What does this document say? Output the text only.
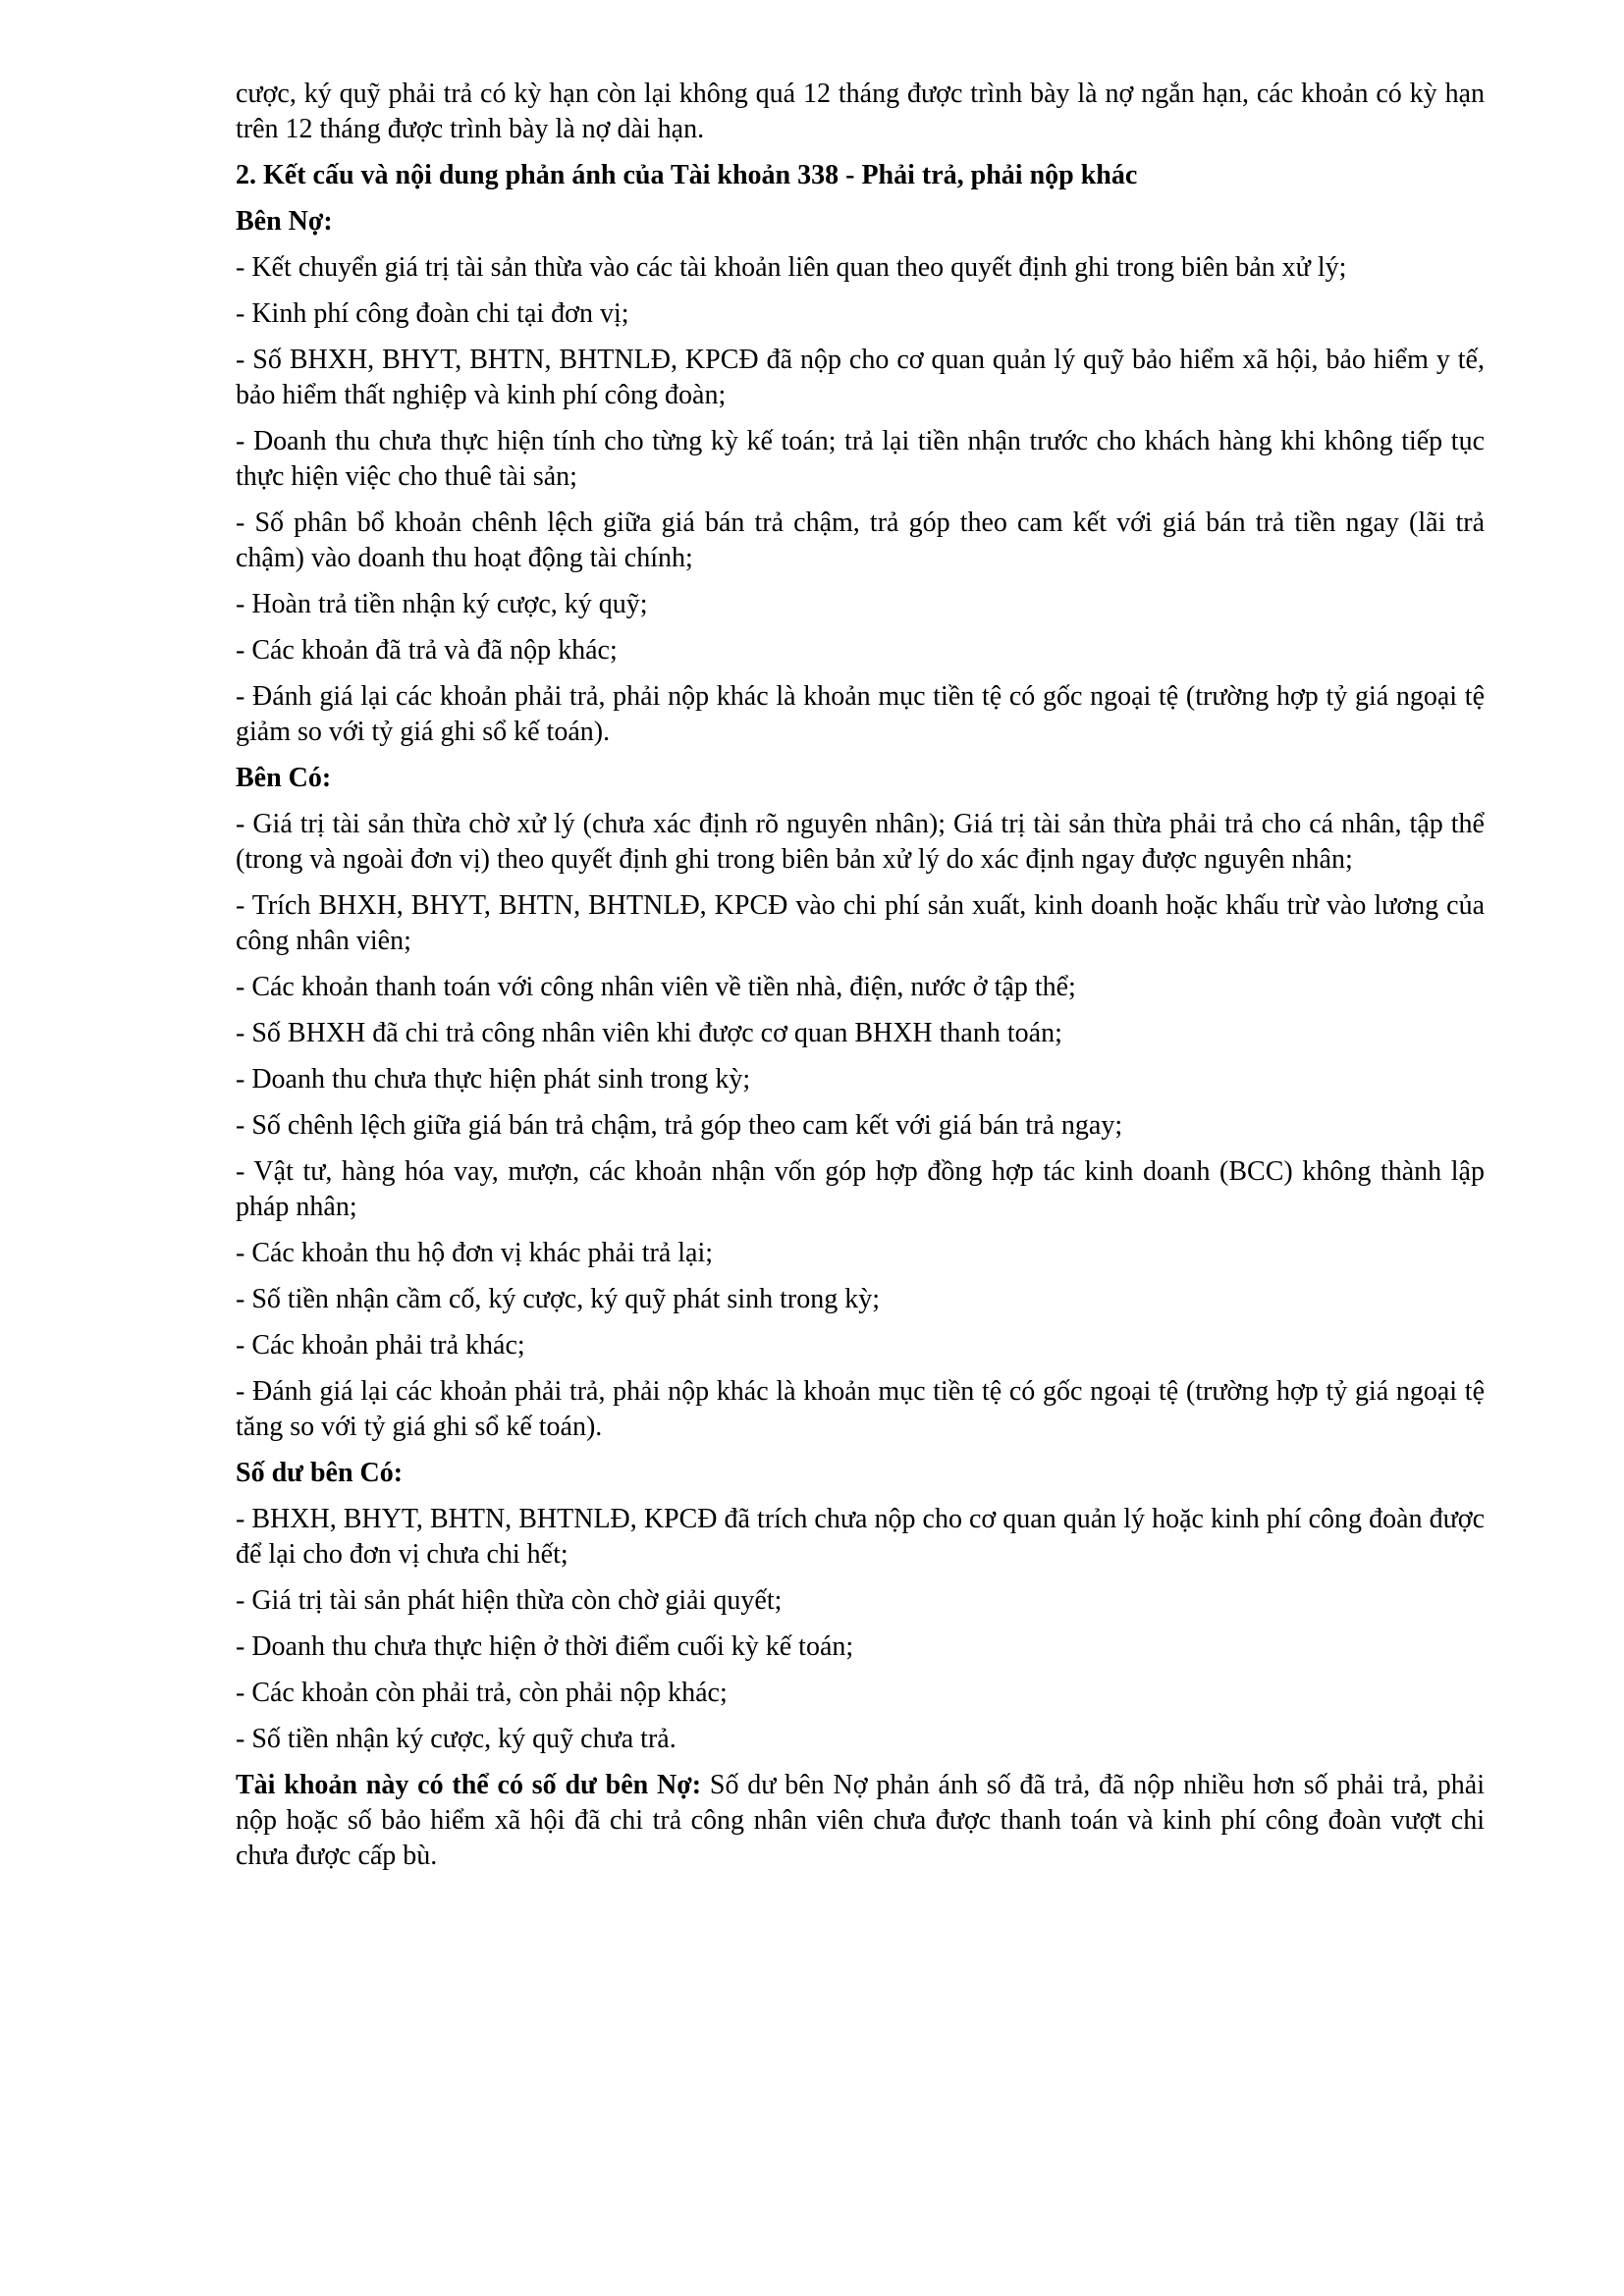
cược, ký quỹ phải trả có kỳ hạn còn lại không quá 12 tháng được trình bày là nợ ngắn hạn, các khoản có kỳ hạn trên 12 tháng được trình bày là nợ dài hạn.

2. Kết cấu và nội dung phản ánh của Tài khoản 338 - Phải trả, phải nộp khác

Bên Nợ:

- Kết chuyển giá trị tài sản thừa vào các tài khoản liên quan theo quyết định ghi trong biên bản xử lý;

- Kinh phí công đoàn chi tại đơn vị;

- Số BHXH, BHYT, BHTN, BHTNLĐ, KPCĐ đã nộp cho cơ quan quản lý quỹ bảo hiểm xã hội, bảo hiểm y tế, bảo hiểm thất nghiệp và kinh phí công đoàn;

- Doanh thu chưa thực hiện tính cho từng kỳ kế toán; trả lại tiền nhận trước cho khách hàng khi không tiếp tục thực hiện việc cho thuê tài sản;

- Số phân bổ khoản chênh lệch giữa giá bán trả chậm, trả góp theo cam kết với giá bán trả tiền ngay (lãi trả chậm) vào doanh thu hoạt động tài chính;

- Hoàn trả tiền nhận ký cược, ký quỹ;

- Các khoản đã trả và đã nộp khác;

- Đánh giá lại các khoản phải trả, phải nộp khác là khoản mục tiền tệ có gốc ngoại tệ (trường hợp tỷ giá ngoại tệ giảm so với tỷ giá ghi sổ kế toán).

Bên Có:

- Giá trị tài sản thừa chờ xử lý (chưa xác định rõ nguyên nhân); Giá trị tài sản thừa phải trả cho cá nhân, tập thể (trong và ngoài đơn vị) theo quyết định ghi trong biên bản xử lý do xác định ngay được nguyên nhân;

- Trích BHXH, BHYT, BHTN, BHTNLĐ, KPCĐ vào chi phí sản xuất, kinh doanh hoặc khấu trừ vào lương của công nhân viên;

- Các khoản thanh toán với công nhân viên về tiền nhà, điện, nước ở tập thể;

- Số BHXH đã chi trả công nhân viên khi được cơ quan BHXH thanh toán;

- Doanh thu chưa thực hiện phát sinh trong kỳ;

- Số chênh lệch giữa giá bán trả chậm, trả góp theo cam kết với giá bán trả ngay;

- Vật tư, hàng hóa vay, mượn, các khoản nhận vốn góp hợp đồng hợp tác kinh doanh (BCC) không thành lập pháp nhân;

- Các khoản thu hộ đơn vị khác phải trả lại;

- Số tiền nhận cầm cố, ký cược, ký quỹ phát sinh trong kỳ;

- Các khoản phải trả khác;

- Đánh giá lại các khoản phải trả, phải nộp khác là khoản mục tiền tệ có gốc ngoại tệ (trường hợp tỷ giá ngoại tệ tăng so với tỷ giá ghi sổ kế toán).

Số dư bên Có:

- BHXH, BHYT, BHTN, BHTNLĐ, KPCĐ đã trích chưa nộp cho cơ quan quản lý hoặc kinh phí công đoàn được để lại cho đơn vị chưa chi hết;

- Giá trị tài sản phát hiện thừa còn chờ giải quyết;

- Doanh thu chưa thực hiện ở thời điểm cuối kỳ kế toán;

- Các khoản còn phải trả, còn phải nộp khác;

- Số tiền nhận ký cược, ký quỹ chưa trả.

Tài khoản này có thể có số dư bên Nợ: Số dư bên Nợ phản ánh số đã trả, đã nộp nhiều hơn số phải trả, phải nộp hoặc số bảo hiểm xã hội đã chi trả công nhân viên chưa được thanh toán và kinh phí công đoàn vượt chi chưa được cấp bù.
